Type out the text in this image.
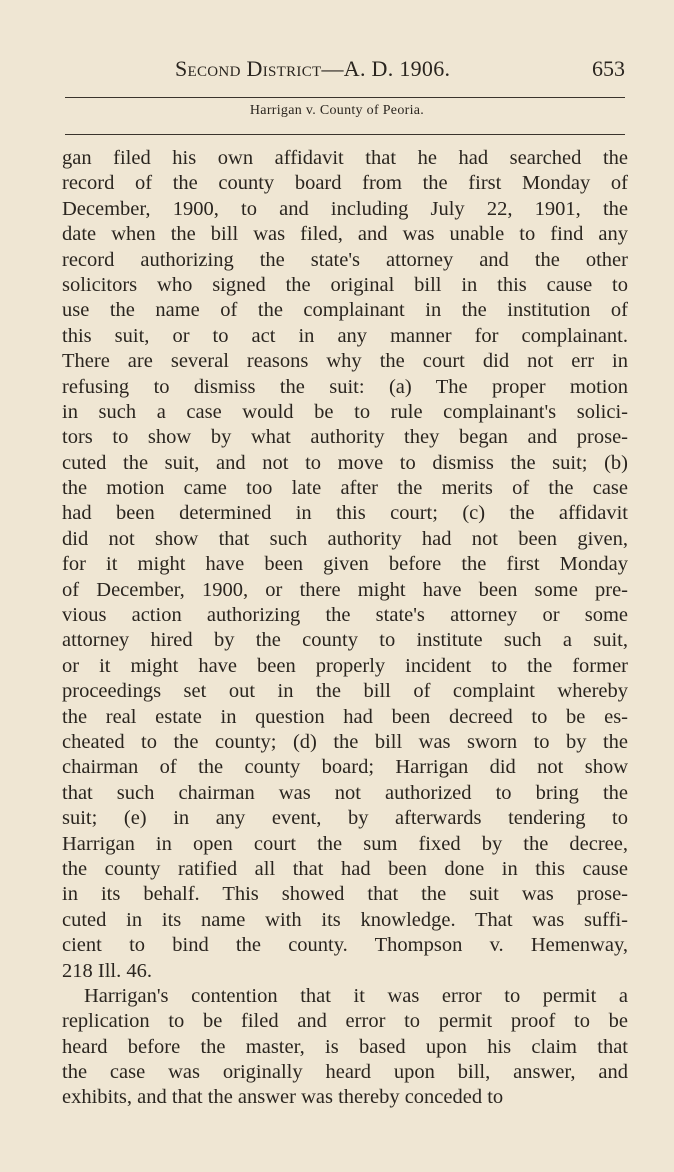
Second District—A. D. 1906.	653
Harrigan v. County of Peoria.
gan filed his own affidavit that he had searched the
record of the county board from the first Monday of
December, 1900, to and including July 22, 1901, the
date when the bill was filed, and was unable to find any
record authorizing the state's attorney and the other
solicitors who signed the original bill in this cause to
use the name of the complainant in the institution of
this suit, or to act in any manner for complainant.
There are several reasons why the court did not err in
refusing to dismiss the suit: (a) The proper motion
in such a case would be to rule complainant's solici-
tors to show by what authority they began and prose-
cuted the suit, and not to move to dismiss the suit; (b)
the motion came too late after the merits of the case
had been determined in this court; (c) the affidavit
did not show that such authority had not been given,
for it might have been given before the first Monday
of December, 1900, or there might have been some pre-
vious action authorizing the state's attorney or some
attorney hired by the county to institute such a suit,
or it might have been properly incident to the former
proceedings set out in the bill of complaint whereby
the real estate in question had been decreed to be es-
cheated to the county; (d) the bill was sworn to by the
chairman of the county board; Harrigan did not show
that such chairman was not authorized to bring the
suit; (e) in any event, by afterwards tendering to
Harrigan in open court the sum fixed by the decree,
the county ratified all that had been done in this cause
in its behalf. This showed that the suit was prose-
cuted in its name with its knowledge. That was suffi-
cient to bind the county. Thompson v. Hemenway,
218 Ill. 46.
Harrigan's contention that it was error to permit a
replication to be filed and error to permit proof to be
heard before the master, is based upon his claim that
the case was originally heard upon bill, answer, and
exhibits, and that the answer was thereby conceded to
